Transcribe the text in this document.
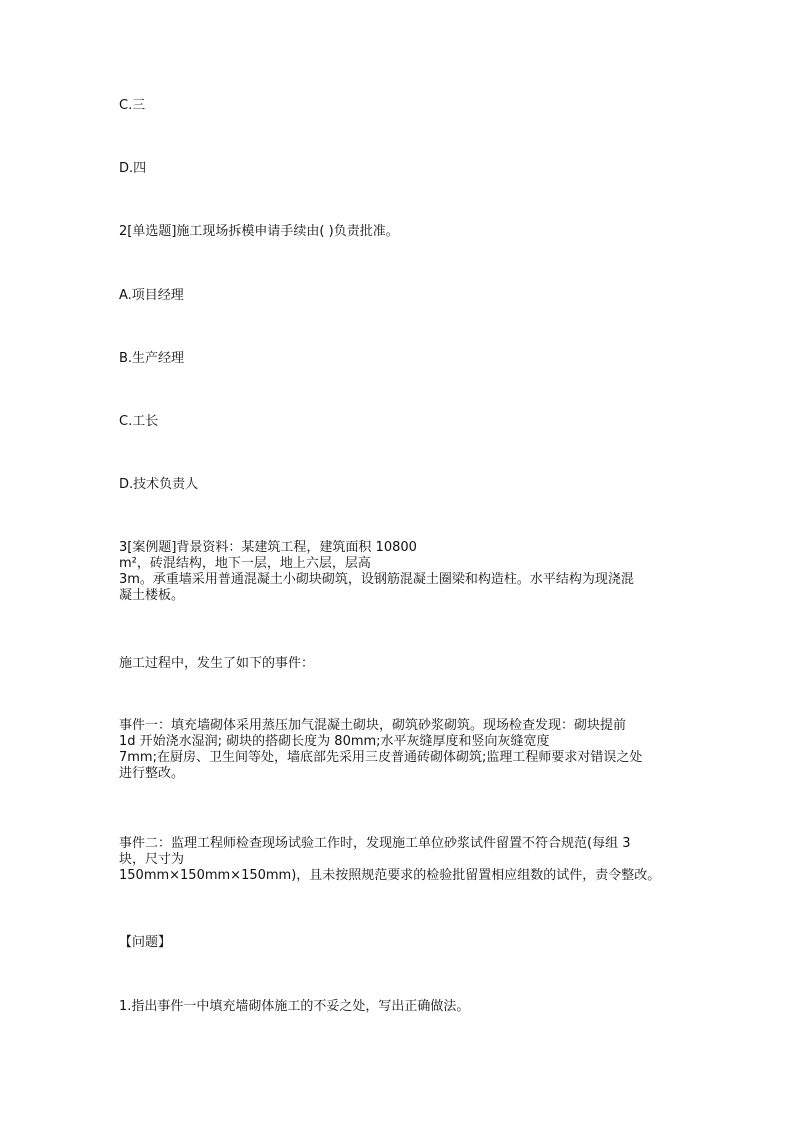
C.三
D.四
2[单选题]施工现场拆模申请手续由( )负责批准。
A.项目经理
B.生产经理
C.工长
D.技术负责人
3[案例题]背景资料：某建筑工程，建筑面积 10800
m²，砖混结构，地下一层，地上六层，层高
3m。承重墙采用普通混凝土小砌块砌筑，设钢筋混凝土圈梁和构造柱。水平结构为现浇混
凝土楼板。
施工过程中，发生了如下的事件：
事件一：填充墙砌体采用蒸压加气混凝土砌块，砌筑砂浆砌筑。现场检查发现：砌块提前
1d 开始浇水湿润; 砌块的搭砌长度为 80mm;水平灰缝厚度和竖向灰缝宽度
7mm;在厨房、卫生间等处，墙底部先采用三皮普通砖砌体砌筑;监理工程师要求对错误之处
进行整改。
事件二：监理工程师检查现场试验工作时，发现施工单位砂浆试件留置不符合规范(每组 3
块，尺寸为
150mm×150mm×150mm)，且未按照规范要求的检验批留置相应组数的试件，责令整改。
【问题】
1.指出事件一中填充墙砌体施工的不妥之处，写出正确做法。
